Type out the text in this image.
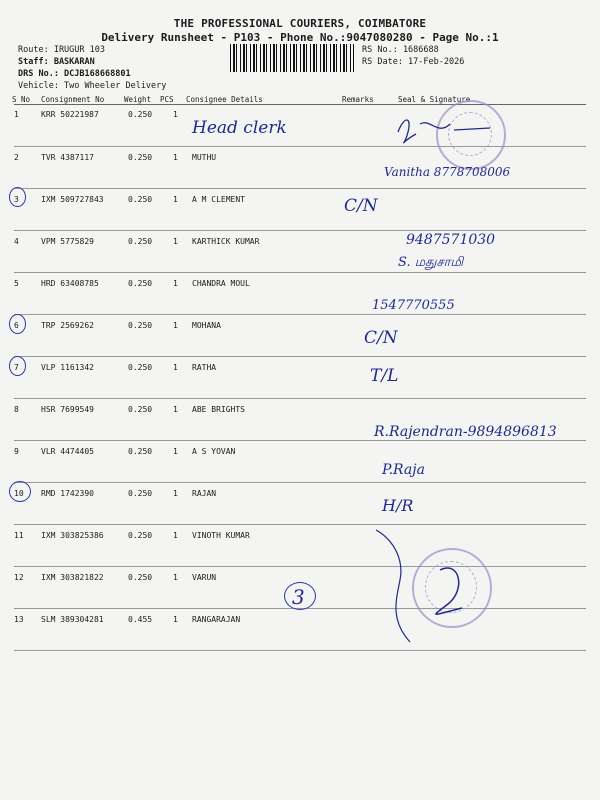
THE PROFESSIONAL COURIERS, COIMBATORE
Delivery Runsheet - P103 - Phone No.:9047080280 - Page No.:1
Route: IRUGUR 103
Staff: BASKARAN
DRS No.: DCJB168668801
Vehicle: Two Wheeler Delivery
RS No.: 1686688
RS Date: 17-Feb-2026
S No Consignment No	Weight PCS Consignee Details	Remarks	Seal & Signature
1	KRR 50221987	0.250	1
Head clerk
2	TVR 4387117	0.250	1 MUTHU
3	IXM 509727843	0.250	1 A M CLEMENT
4	VPM 5775829	0.250	1 KARTHICK KUMAR
5	HRD 63408785	0.250	1 CHANDRA MOUL
6	TRP 2569262	0.250	1 MOHANA
7	VLP 1161342	0.250	1 RATHA
8	HSR 7699549	0.250	1 ABE BRIGHTS
9	VLR 4474405	0.250	1 A S YOVAN
10 RMD 1742390	0.250	1 RAJAN
11 IXM 303825386	0.250	1 VINOTH KUMAR
12 IXM 303821822	0.250	1 VARUN
13 SLM 389304281	0.455	1 RANGARAJAN
Vanitha 8778708006
C/N
9487571030
S. மதுசாமி
1547770555
C/N
T/L
R.Rajendran-9894896813
P.Raja
H/R
3
